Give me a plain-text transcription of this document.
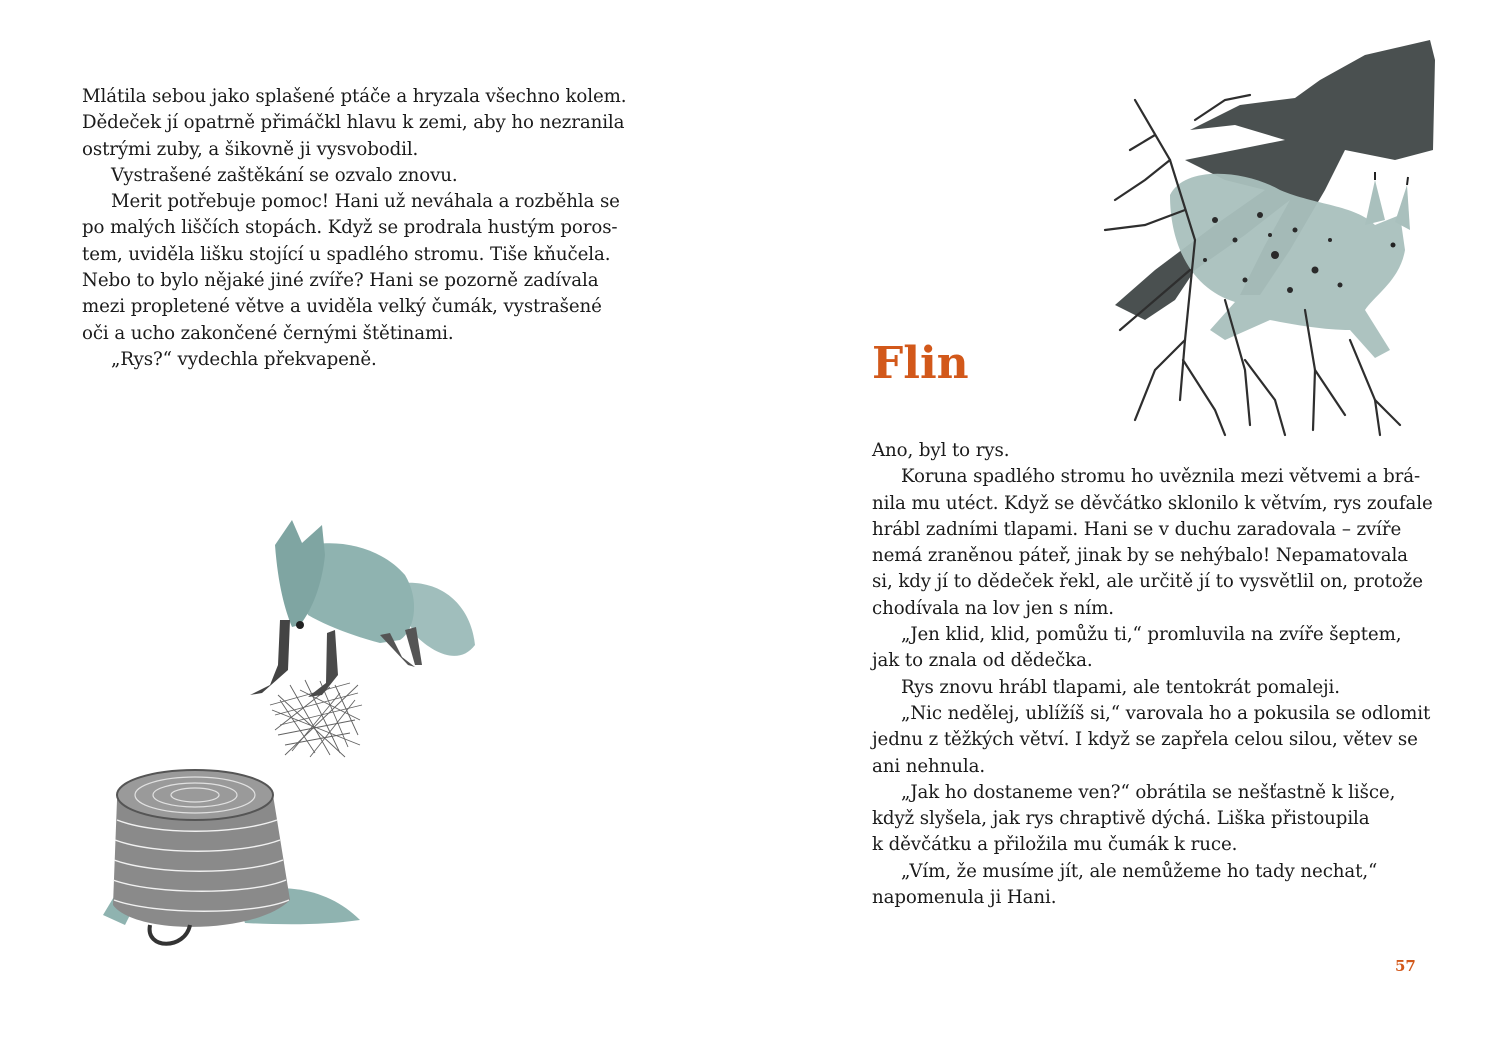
Mlátila sebou jako splašené ptáče a hryzala všechno kolem.
Dědeček jí opatrně přimáčkl hlavu k zemi, aby ho nezranila
ostrými zuby, a šikovně ji vysvobodil.
Vystrašené zaštěkání se ozvalo znovu.
Merit potřebuje pomoc! Hani už neváhala a rozběhla se
po malých liščích stopách. Když se prodrala hustým poros-
tem, uviděla lišku stojící u spadlého stromu. Tiše kňučela.
Nebo to bylo nějaké jiné zvíře? Hani se pozorně zadívala
mezi propletené větve a uviděla velký čumák, vystrašené
oči a ucho zakončené černými štětinami.
„Rys?“ vydechla překvapeně.	Flin
Ano, byl to rys.
Koruna spadlého stromu ho uvěznila mezi větvemi a brá-
nila mu utéct. Když se děvčátko sklonilo k větvím, rys zoufale
hrábl zadními tlapami. Hani se v duchu zaradovala – zvíře
nemá zraněnou páteř, jinak by se nehýbalo! Nepamatovala
si, kdy jí to dědeček řekl, ale určitě jí to vysvětlil on, protože
chodívala na lov jen s ním.
„Jen klid, klid, pomůžu ti,“ promluvila na zvíře šeptem,
jak to znala od dědečka.
Rys znovu hrábl tlapami, ale tentokrát pomaleji.
„Nic nedělej, ublížíš si,“ varovala ho a pokusila se odlomit
jednu z těžkých větví. I když se zapřela celou silou, větev se
ani nehnula.
„Jak ho dostaneme ven?“ obrátila se nešťastně k lišce,
když slyšela, jak rys chraptivě dýchá. Liška přistoupila
k děvčátku a přiložila mu čumák k ruce.
„Vím, že musíme jít, ale nemůžeme ho tady nechat,“
napomenula ji Hani.
57
